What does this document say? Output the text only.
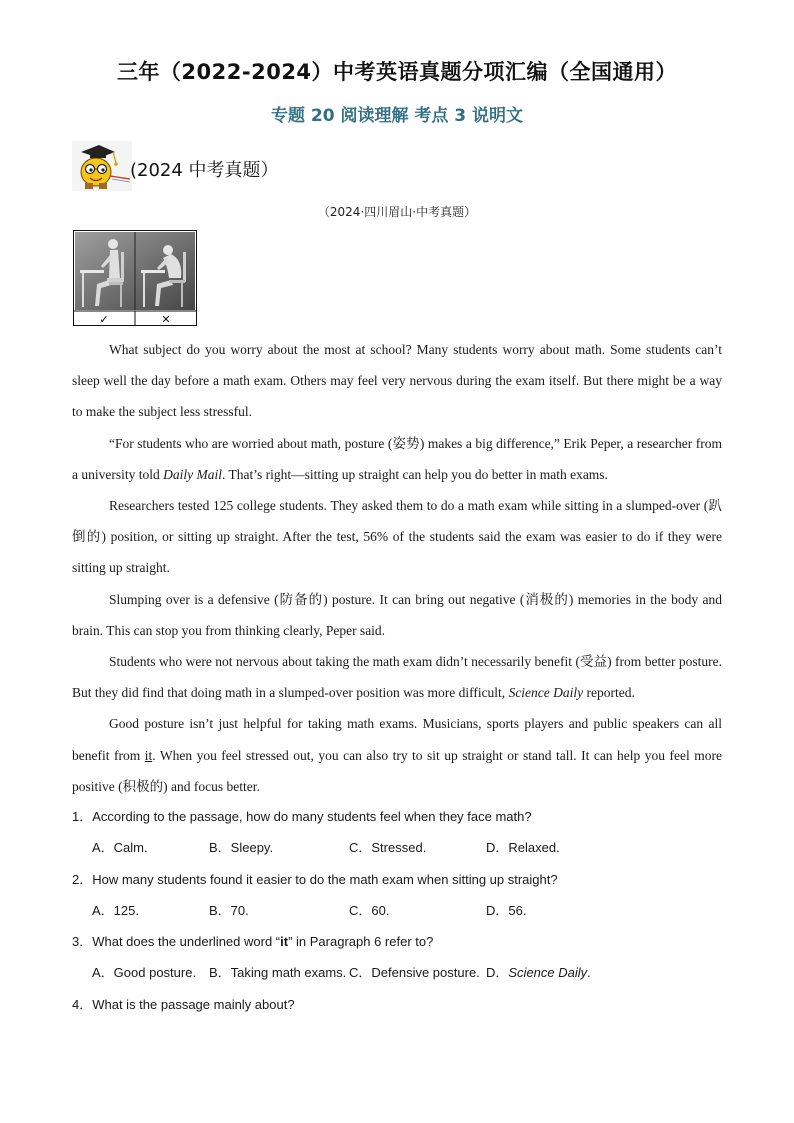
三年（2022-2024）中考英语真题分项汇编（全国通用）
专题 20 阅读理解 考点 3 说明文
(2024 中考真题）
（2024·四川眉山·中考真题）
✓	✕

What subject do you worry about the most at school? Many students worry about math. Some students can’t sleep well the day before a math exam. Others may feel very nervous during the exam itself. But there might be a way to make the subject less stressful.

“For students who are worried about math, posture (姿势) makes a big difference,” Erik Peper, a researcher from a university told Daily Mail. That’s right—sitting up straight can help you do better in math exams.

Researchers tested 125 college students. They asked them to do a math exam while sitting in a slumped-over (趴倒的) position, or sitting up straight. After the test, 56% of the students said the exam was easier to do if they were sitting up straight.

Slumping over is a defensive (防备的) posture. It can bring out negative (消极的) memories in the body and brain. This can stop you from thinking clearly, Peper said.

Students who were not nervous about taking the math exam didn’t necessarily benefit (受益) from better posture. But they did find that doing math in a slumped-over position was more difficult, Science Daily reported.

Good posture isn’t just helpful for taking math exams. Musicians, sports players and public speakers can all benefit from it. When you feel stressed out, you can also try to sit up straight or stand tall. It can help you feel more positive (积极的) and focus better.

1．According to the passage, how do many students feel when they face math?
A．Calm.	B．Sleepy.	C．Stressed.	D．Relaxed.
2．How many students found it easier to do the math exam when sitting up straight?
A．125.	B．70.	C．60.	D．56.
3．What does the underlined word “it” in Paragraph 6 refer to?
A．Good posture. B．Taking math exams. C．Defensive posture. D．Science Daily.
4．What is the passage mainly about?
